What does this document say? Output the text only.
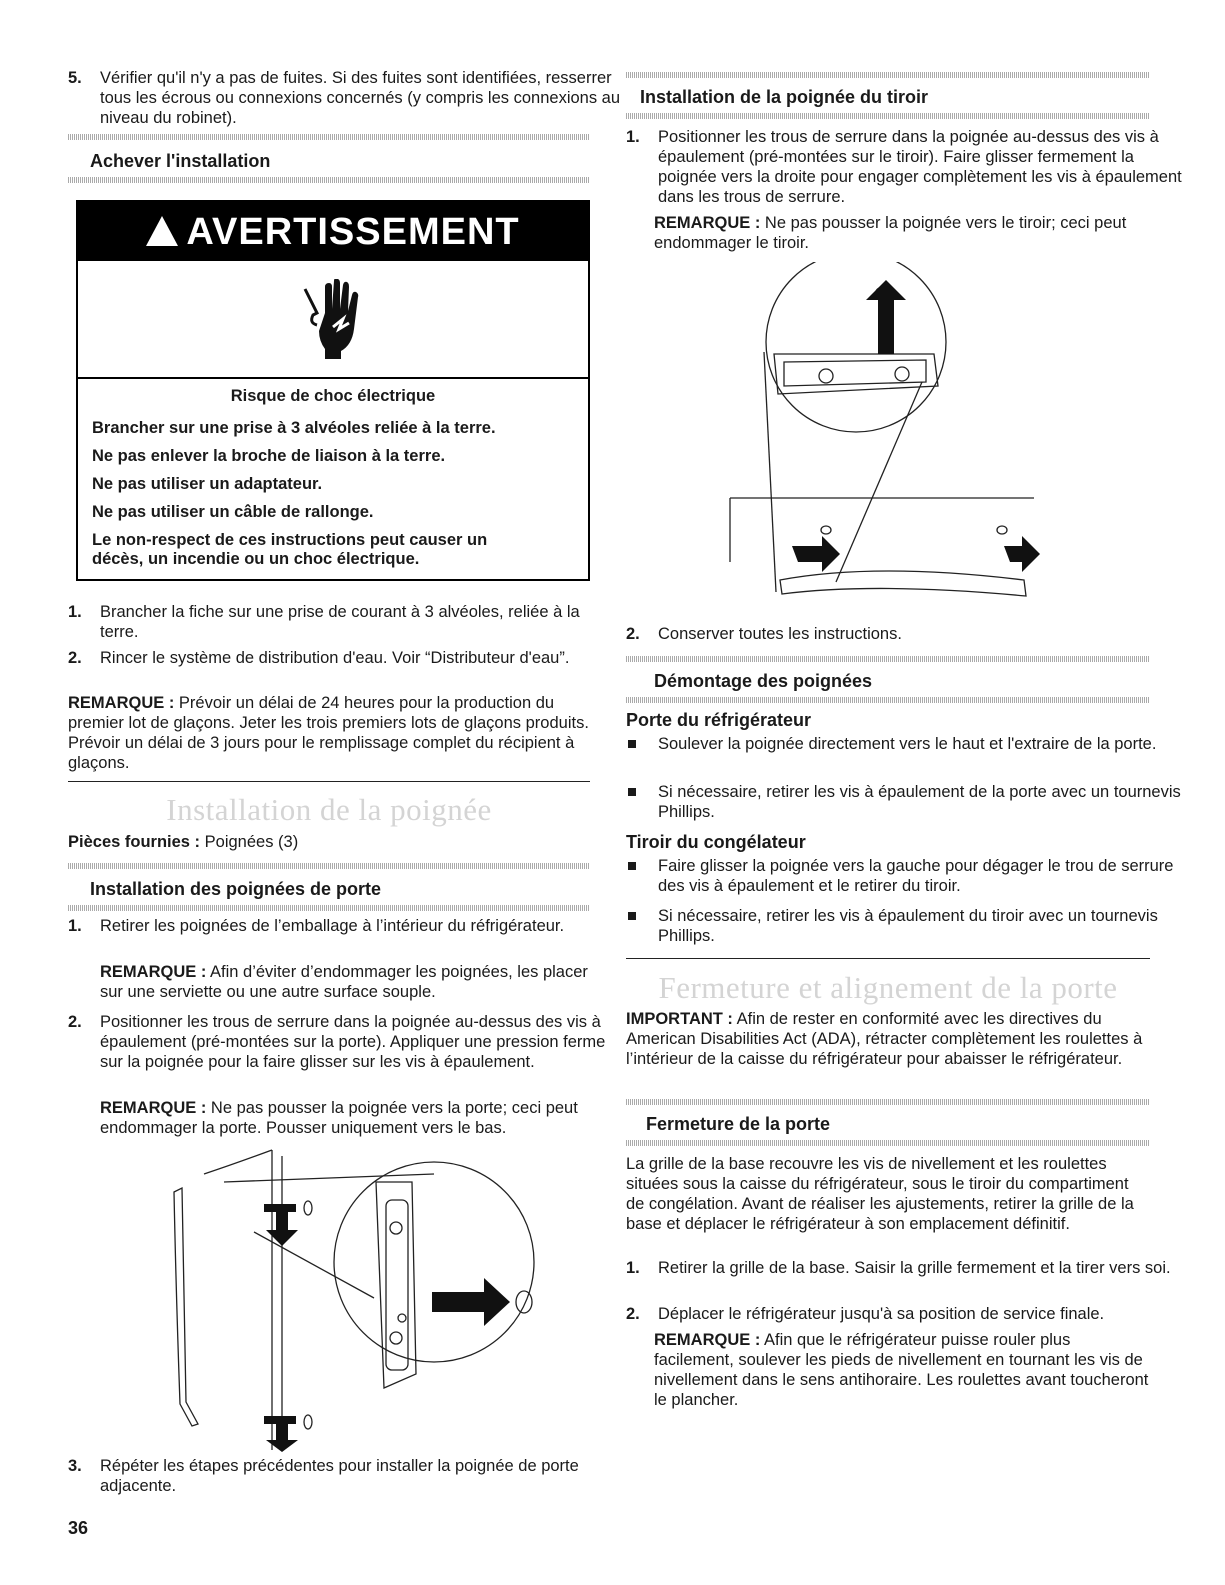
5. Vérifier qu'il n'y a pas de fuites. Si des fuites sont identifiées, resserrer tous les écrous ou connexions concernés (y compris les connexions au niveau du robinet).
Achever l'installation
AVERTISSEMENT
Risque de choc électrique
Brancher sur une prise à 3 alvéoles reliée à la terre.
Ne pas enlever la broche de liaison à la terre.
Ne pas utiliser un adaptateur.
Ne pas utiliser un câble de rallonge.
Le non-respect de ces instructions peut causer un décès, un incendie ou un choc électrique.
1. Brancher la fiche sur une prise de courant à 3 alvéoles, reliée à la terre.
2. Rincer le système de distribution d'eau. Voir “Distributeur d'eau”.

REMARQUE : Prévoir un délai de 24 heures pour la production du premier lot de glaçons. Jeter les trois premiers lots de glaçons produits. Prévoir un délai de 3 jours pour le remplissage complet du récipient à glaçons.

Installation de la poignée

Pièces fournies : Poignées (3)

Installation des poignées de porte
1. Retirer les poignées de l’emballage à l’intérieur du réfrigérateur.

REMARQUE : Afin d’éviter d’endommager les poignées, les placer sur une serviette ou une autre surface souple.

2. Positionner les trous de serrure dans la poignée au-dessus des vis à épaulement (pré-montées sur la porte). Appliquer une pression ferme sur la poignée pour la faire glisser sur les vis à épaulement.

REMARQUE : Ne pas pousser la poignée vers la porte; ceci peut endommager la porte. Pousser uniquement vers le bas.

3. Répéter les étapes précédentes pour installer la poignée de porte adjacente.
36
Installation de la poignée du tiroir
1. Positionner les trous de serrure dans la poignée au-dessus des vis à épaulement (pré-montées sur le tiroir). Faire glisser fermement la poignée vers la droite pour engager complètement les vis à épaulement dans les trous de serrure.

REMARQUE : Ne pas pousser la poignée vers le tiroir; ceci peut endommager le tiroir.

2. Conserver toutes les instructions.
Démontage des poignées
Porte du réfrigérateur
Soulever la poignée directement vers le haut et l'extraire de la porte.
Si nécessaire, retirer les vis à épaulement de la porte avec un tournevis Phillips.
Tiroir du congélateur
Faire glisser la poignée vers la gauche pour dégager le trou de serrure des vis à épaulement et le retirer du tiroir.
Si nécessaire, retirer les vis à épaulement du tiroir avec un tournevis Phillips.
Fermeture et alignement de la porte

IMPORTANT : Afin de rester en conformité avec les directives du American Disabilities Act (ADA), rétracter complètement les roulettes à l’intérieur de la caisse du réfrigérateur pour abaisser le réfrigérateur.

Fermeture de la porte

La grille de la base recouvre les vis de nivellement et les roulettes situées sous la caisse du réfrigérateur, sous le tiroir du compartiment de congélation. Avant de réaliser les ajustements, retirer la grille de la base et déplacer le réfrigérateur à son emplacement définitif.

1. Retirer la grille de la base. Saisir la grille fermement et la tirer vers soi.
2. Déplacer le réfrigérateur jusqu'à sa position de service finale.

REMARQUE : Afin que le réfrigérateur puisse rouler plus facilement, soulever les pieds de nivellement en tournant les vis de nivellement dans le sens antihoraire. Les roulettes avant toucheront le plancher.
